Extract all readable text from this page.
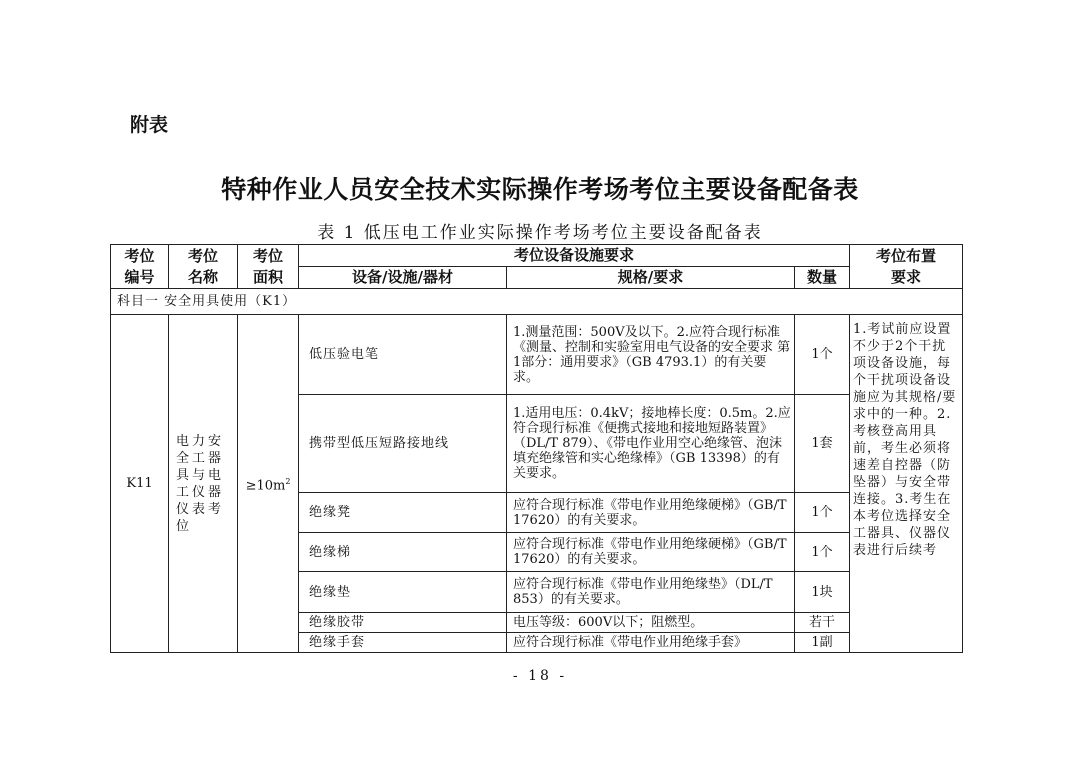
附表
特种作业人员安全技术实际操作考场考位主要设备配备表
表 1 低压电工作业实际操作考场考位主要设备配备表
考位
编号	考位
名称	考位
面积	考位设备设施要求			考位布置
要求
			设备/设施/器材	规格/要求	数量	
科目一 安全用具使用（K1）						
K11	电力安全工器具与电工仪器仪表考位	$\ge 10m^2$	低压验电笔	1.测量范围：500V及以下。2.应符合现行标准《测量、控制和实验室用电气设备的安全要求 第1部分：通用要求》（GB 4793.1）的有关要求。	1个	1.考试前应设置不少于2个干扰项设备设施，每个干扰项设备设施应为其规格/要求中的一种。2.考核登高用具前，考生必须将速差自控器（防坠器）与安全带连接。3.考生在本考位选择安全工器具、仪器仪表进行后续考
			携带型低压短路接地线	1.适用电压：0.4kV；接地棒长度：0.5m。2.应符合现行标准《便携式接地和接地短路装置》（DL/T 879）、《带电作业用空心绝缘管、泡沫填充绝缘管和实心绝缘棒》（GB 13398）的有关要求。	1套	
			绝缘凳	应符合现行标准《带电作业用绝缘硬梯》（GB/T 17620）的有关要求。	1个	
			绝缘梯	应符合现行标准《带电作业用绝缘硬梯》（GB/T 17620）的有关要求。	1个	
			绝缘垫	应符合现行标准《带电作业用绝缘垫》（DL/T 853）的有关要求。	1块	
			绝缘胶带	电压等级：600V以下；阻燃型。	若干	
			绝缘手套	应符合现行标准《带电作业用绝缘手套》	1副	
- 18 -
